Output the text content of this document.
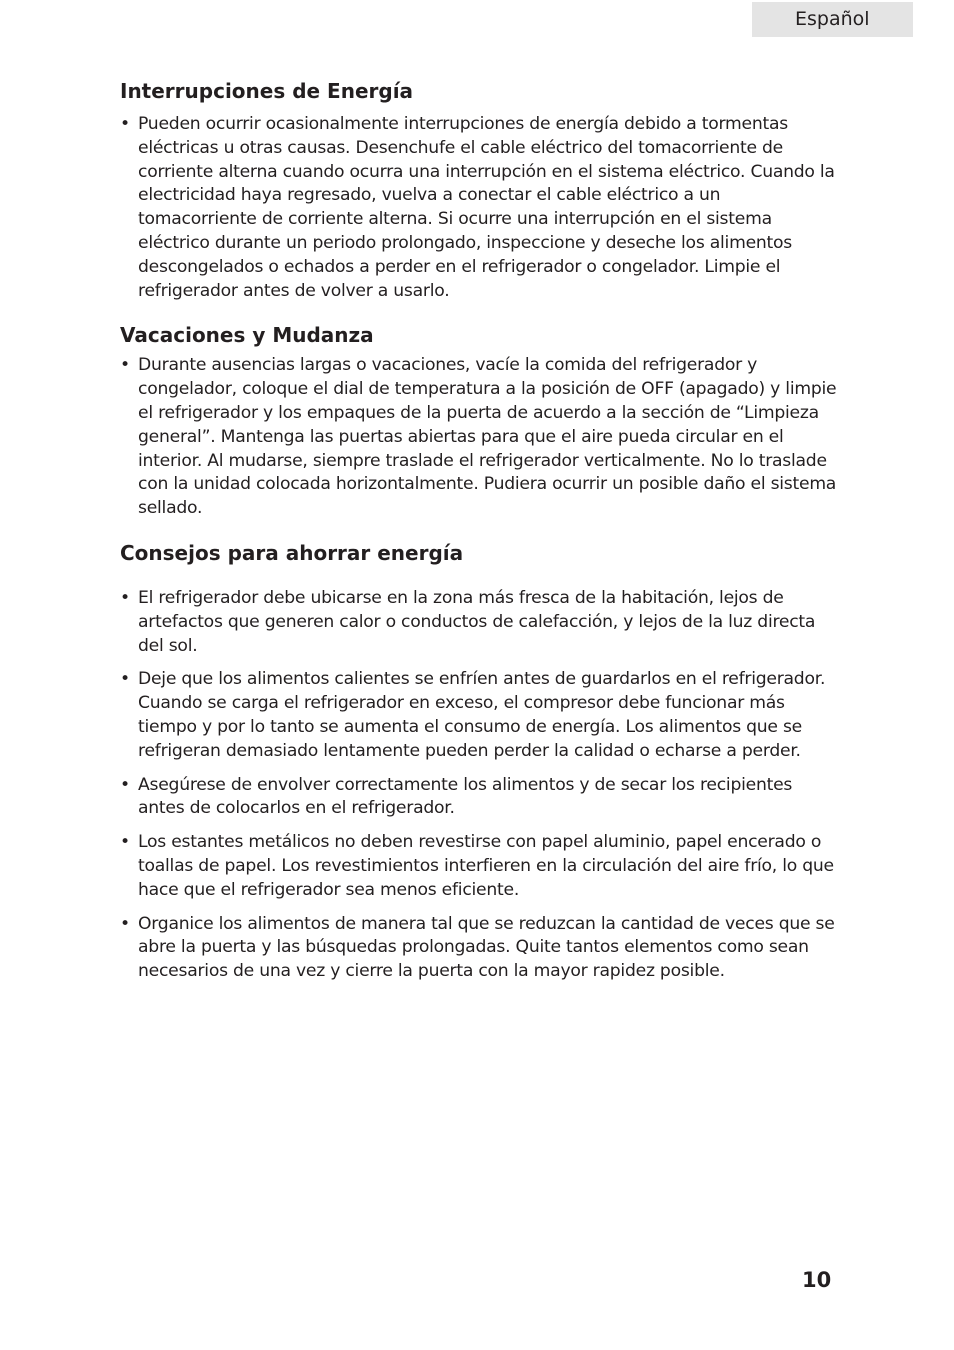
Español
Interrupciones de Energía
• Pueden ocurrir ocasionalmente interrupciones de energía debido a tormentas eléctricas u otras causas. Desenchufe el cable eléctrico del tomacorriente de corriente alterna cuando ocurra una interrupción en el sistema eléctrico. Cuando la electricidad haya regresado, vuelva a conectar el cable eléctrico a un tomacorriente de corriente alterna. Si ocurre una interrupción en el sistema eléctrico durante un periodo prolongado, inspeccione y deseche los alimentos descongelados o echados a perder en el refrigerador o congelador. Limpie el refrigerador antes de volver a usarlo.
Vacaciones y Mudanza
• Durante ausencias largas o vacaciones, vacíe la comida del refrigerador y congelador, coloque el dial de temperatura a la posición de OFF (apagado) y limpie el refrigerador y los empaques de la puerta de acuerdo a la sección de “Limpieza general”. Mantenga las puertas abiertas para que el aire pueda circular en el interior. Al mudarse, siempre traslade el refrigerador verticalmente. No lo traslade con la unidad colocada horizontalmente. Pudiera ocurrir un posible daño el sistema sellado.
Consejos para ahorrar energía
• El refrigerador debe ubicarse en la zona más fresca de la habitación, lejos de artefactos que generen calor o conductos de calefacción, y lejos de la luz directa del sol.
• Deje que los alimentos calientes se enfríen antes de guardarlos en el refrigerador. Cuando se carga el refrigerador en exceso, el compresor debe funcionar más tiempo y por lo tanto se aumenta el consumo de energía. Los alimentos que se refrigeran demasiado lentamente pueden perder la calidad o echarse a perder.
• Asegúrese de envolver correctamente los alimentos y de secar los recipientes antes de colocarlos en el refrigerador.
• Los estantes metálicos no deben revestirse con papel aluminio, papel encerado o toallas de papel. Los revestimientos interfieren en la circulación del aire frío, lo que hace que el refrigerador sea menos eficiente.
• Organice los alimentos de manera tal que se reduzcan la cantidad de veces que se abre la puerta y las búsquedas prolongadas. Quite tantos elementos como sean necesarios de una vez y cierre la puerta con la mayor rapidez posible.
10
